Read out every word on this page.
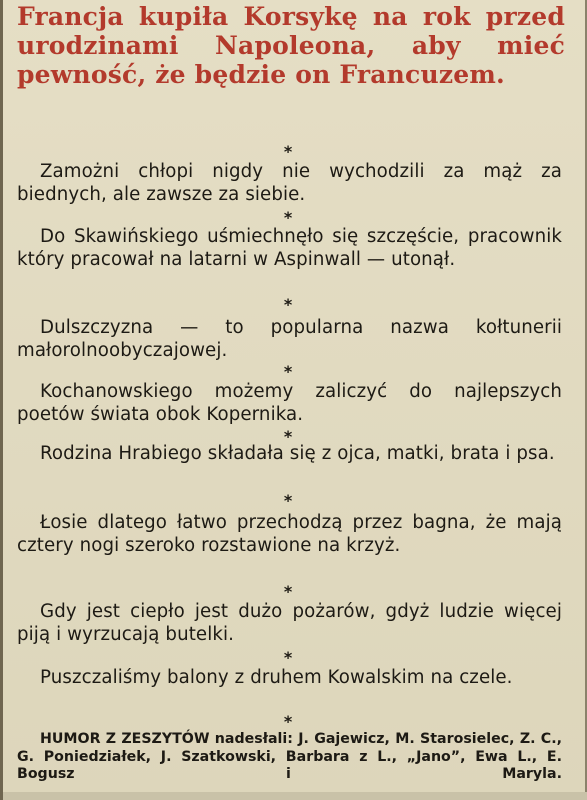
Francja kupiła Korsykę na rok przed urodzinami Napoleona, aby mieć pewność, że będzie on Francuzem.

*

Zamożni chłopi nigdy nie wychodzili za mąż za biednych, ale zawsze za siebie.

*

Do Skawińskiego uśmiechnęło się szczęście, pracownik który pracował na latarni w Aspinwall — utonął.

*

Dulszczyzna — to popularna nazwa kołtunerii małorolnoobyczajowej.

*

Kochanowskiego możemy zaliczyć do najlepszych poetów świata obok Kopernika.

*

Rodzina Hrabiego składała się z ojca, matki, brata i psa.

*

Łosie dlatego łatwo przechodzą przez bagna, że mają cztery nogi szeroko rozstawione na krzyż.

*

Gdy jest ciepło jest dużo pożarów, gdyż ludzie więcej piją i wyrzucają butelki.

*

Puszczaliśmy balony z druhem Kowalskim na czele.

*

HUMOR Z ZESZYTÓW nadesłali: J. Gajewicz, M. Starosielec, Z. C., G. Poniedziałek, J. Szatkowski, Barbara z L., „Jano”, Ewa L., E. Bogusz i Maryla.
